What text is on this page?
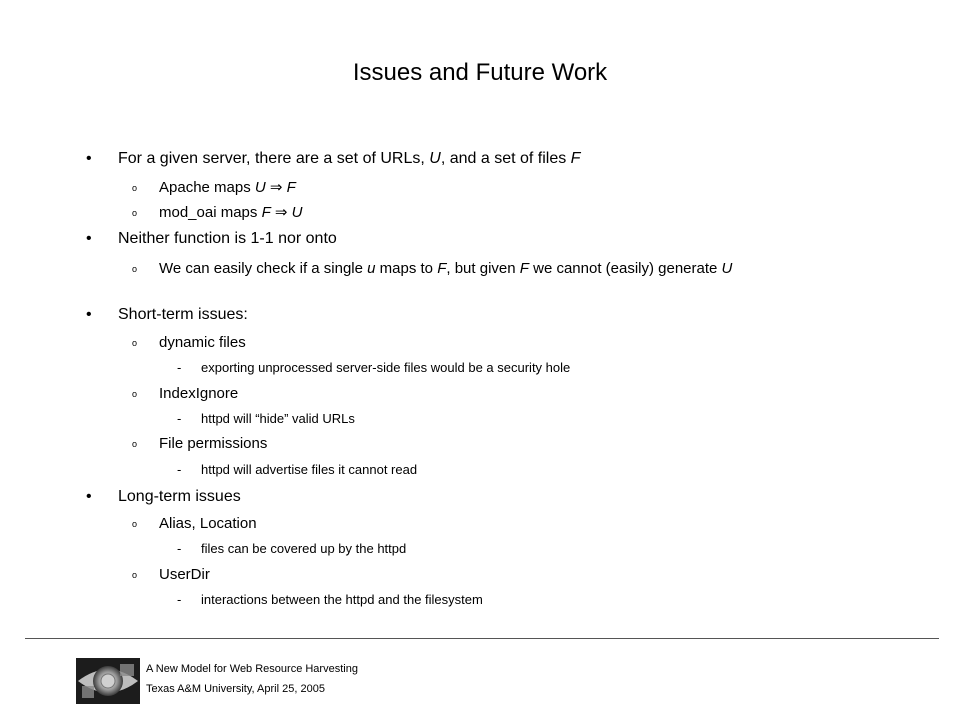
Issues and Future Work
• For a given server, there are a set of URLs, U, and a set of files F
o Apache maps U ⇒ F
o mod_oai maps F ⇒ U
• Neither function is 1-1 nor onto
o We can easily check if a single u maps to F, but given F we cannot (easily) generate U
• Short-term issues:
o dynamic files
- exporting unprocessed server-side files would be a security hole
o IndexIgnore
- httpd will “hide” valid URLs
o File permissions
- httpd will advertise files it cannot read
• Long-term issues
o Alias, Location
- files can be covered up by the httpd
o UserDir
- interactions between the httpd and the filesystem
A New Model for Web Resource Harvesting
Texas A&M University, April 25, 2005
